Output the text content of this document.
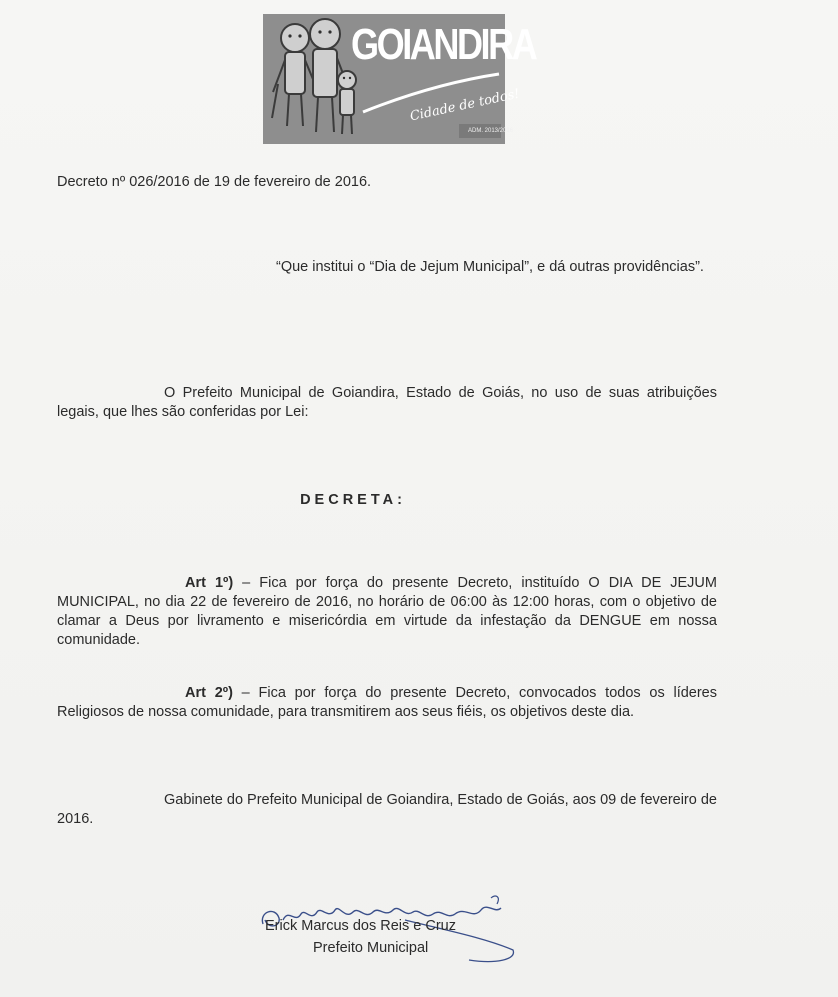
GOIANDIRA
Cidade de todos!
ADM. 2013/2016
Decreto nº 026/2016 de 19 de fevereiro de 2016.
“Que institui o “Dia de Jejum Municipal”, e dá outras providências”.
O Prefeito Municipal de Goiandira, Estado de Goiás, no uso de suas atribuições legais, que lhes são conferidas por Lei:
DECRETA:
Art 1º) – Fica por força do presente Decreto, instituído O DIA DE JEJUM MUNICIPAL, no dia 22 de fevereiro de 2016, no horário de 06:00 às 12:00 horas, com o objetivo de clamar a Deus por livramento e misericórdia em virtude da infestação da DENGUE em nossa comunidade.
Art 2º) – Fica por força do presente Decreto, convocados todos os líderes Religiosos de nossa comunidade, para transmitirem aos seus fiéis, os objetivos deste dia.
Gabinete do Prefeito Municipal de Goiandira, Estado de Goiás, aos 09 de fevereiro de 2016.
Erick Marcus dos Reis e Cruz
Prefeito Municipal
